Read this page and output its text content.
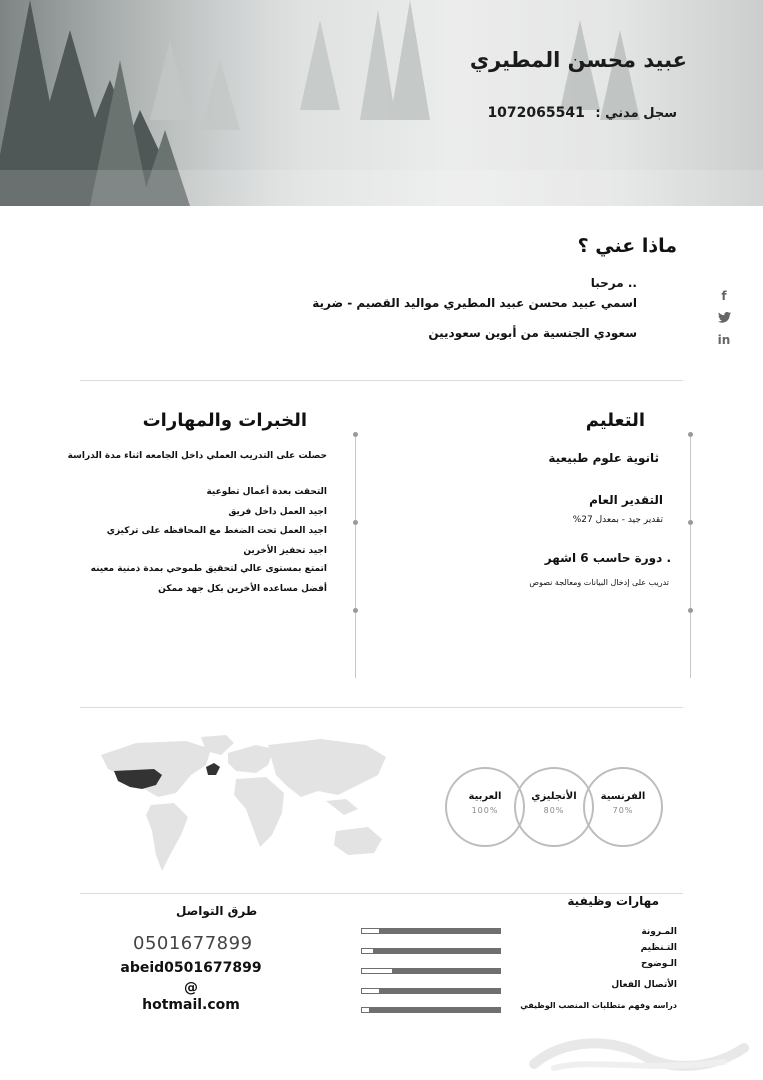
عبيد محسن المطيري
سجل مدني : 1072065541
f
in
ماذا عني ؟
.. مرحبا
اسمي عبيد محسن عبيد المطيري مواليد القصيم - ضرية
سعودي الجنسية من أبوين سعوديين
التعليم
ثانوية علوم طبيعية
التقدير العام
تقدير جيد - بمعدل 27%
. دورة حاسب 6 اشهر
تدريب على إدخال البيانات ومعالجة نصوص
الخبرات والمهارات
حصلت على التدريب العملي داخل الجامعه اثناء مدة الدراسة
التحقت بعدة أعمال تطوعية
اجيد العمل داخل فريق
اجيد العمل تحت الضغط مع المحافظه على تركيزي
اجيد تحفيز الأخرين
اتمتع بمستوى عالي لتحقيق طموحي بمدة ذمنية معينه
أفضل مساعده الأخرين بكل جهد ممكن
العربية
100%
الأنجليزي
80%
الفرنسية
70%
طرق التواصل
0501677899
abeid0501677899
@
hotmail.com
مهارات وظيفية
المـرونة
التـنظيم
الـوضوح
الأتصال الفعال
دراسه وفهم متطلبات المنصب الوظيفي
